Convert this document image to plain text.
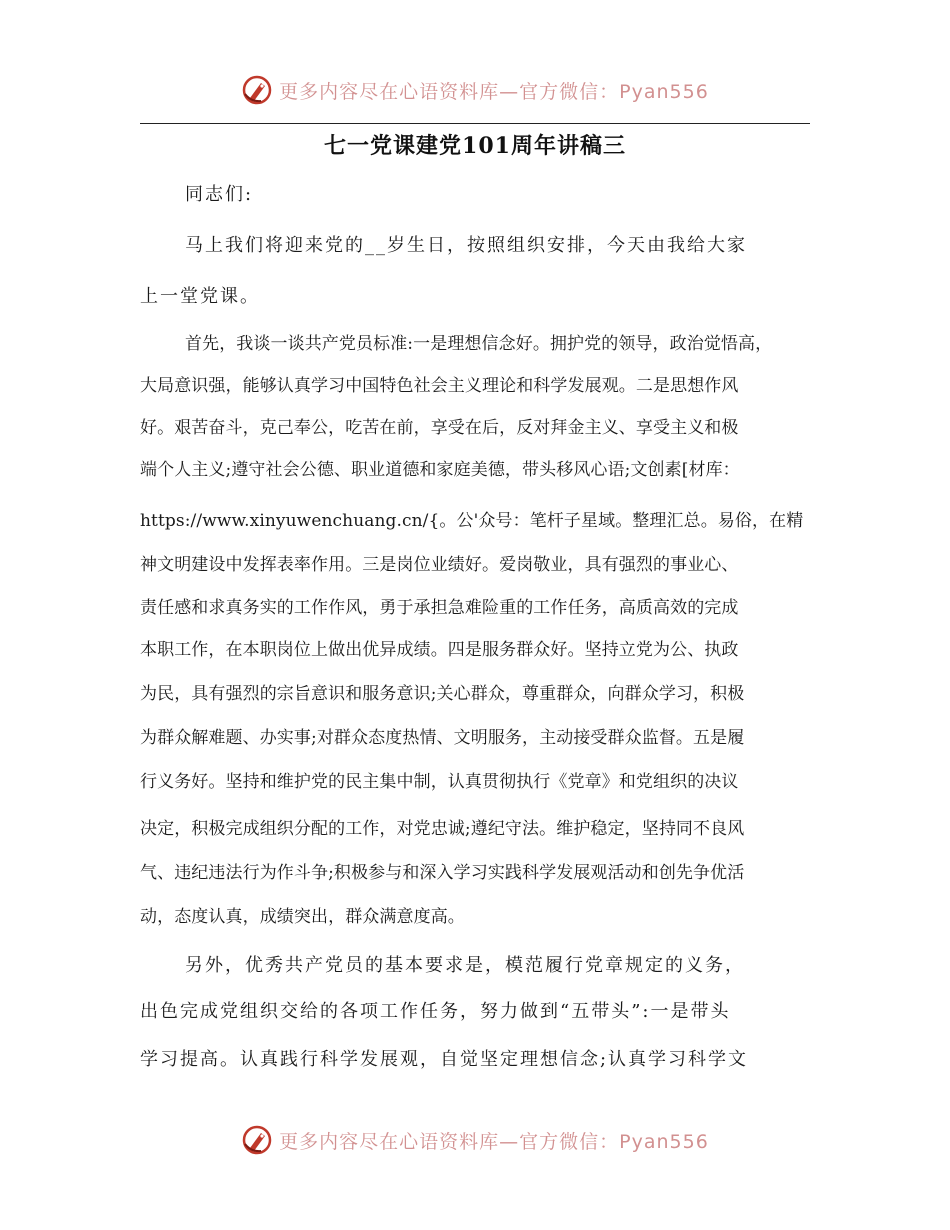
更多内容尽在心语资料库—官方微信：Pyan556
七一党课建党101周年讲稿三
同志们:
马上我们将迎来党的__岁生日，按照组织安排，今天由我给大家
上一堂党课。
首先，我谈一谈共产党员标准:一是理想信念好。拥护党的领导，政治觉悟高，
大局意识强，能够认真学习中国特色社会主义理论和科学发展观。二是思想作风
好。艰苦奋斗，克己奉公，吃苦在前，享受在后，反对拜金主义、享受主义和极
端个人主义;遵守社会公德、职业道德和家庭美德，带头移风心语;文创素[材库：
https://www.xinyuwenchuang.cn/{。公'众号：笔杆子星域。整理汇总。易俗，在精
神文明建设中发挥表率作用。三是岗位业绩好。爱岗敬业，具有强烈的事业心、
责任感和求真务实的工作作风，勇于承担急难险重的工作任务，高质高效的完成
本职工作，在本职岗位上做出优异成绩。四是服务群众好。坚持立党为公、执政
为民，具有强烈的宗旨意识和服务意识;关心群众，尊重群众，向群众学习，积极
为群众解难题、办实事;对群众态度热情、文明服务，主动接受群众监督。五是履
行义务好。坚持和维护党的民主集中制，认真贯彻执行《党章》和党组织的决议
决定，积极完成组织分配的工作，对党忠诚;遵纪守法。维护稳定，坚持同不良风
气、违纪违法行为作斗争;积极参与和深入学习实践科学发展观活动和创先争优活
动，态度认真，成绩突出，群众满意度高。
另外，优秀共产党员的基本要求是，模范履行党章规定的义务，
出色完成党组织交给的各项工作任务，努力做到“五带头”:一是带头
学习提高。认真践行科学发展观，自觉坚定理想信念;认真学习科学文
更多内容尽在心语资料库—官方微信：Pyan556
